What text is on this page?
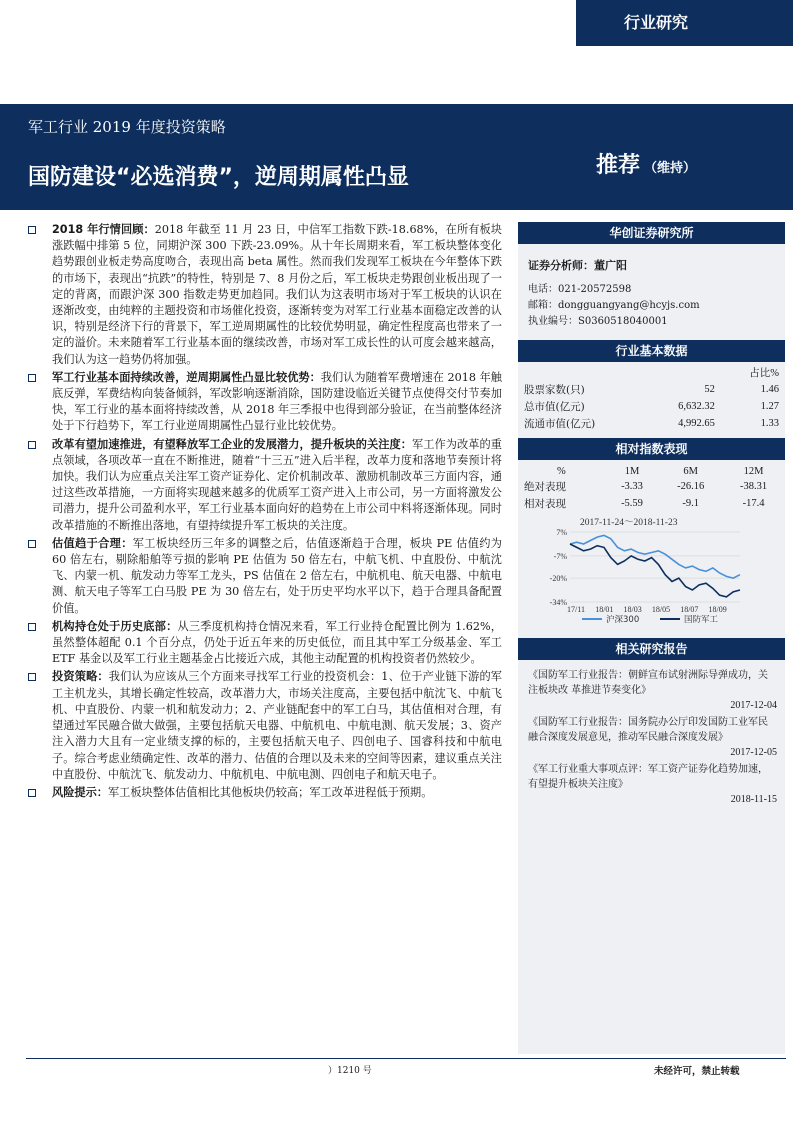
行业研究
军工行业 2019 年度投资策略
国防建设“必选消费”，逆周期属性凸显	推荐 （维持）
2018 年行情回顾：2018 年截至 11 月 23 日，中信军工指数下跌-18.68%，在所有板块涨跌幅中排第 5 位，同期沪深 300 下跌-23.09%。从十年长周期来看，军工板块整体变化趋势跟创业板走势高度吻合，表现出高 beta 属性。然而我们发现军工板块在今年整体下跌的市场下，表现出“抗跌”的特性，特别是 7、8 月份之后，军工板块走势跟创业板出现了一定的背离，而跟沪深 300 指数走势更加趋同。我们认为这表明市场对于军工板块的认识在逐渐改变，由纯粹的主题投资和市场催化投资，逐渐转变为对军工行业基本面稳定改善的认识，特别是经济下行的背景下，军工逆周期属性的比较优势明显，确定性程度高也带来了一定的溢价。未来随着军工行业基本面的继续改善，市场对军工成长性的认可度会越来越高，我们认为这一趋势仍将加强。
军工行业基本面持续改善，逆周期属性凸显比较优势：我们认为随着军费增速在 2018 年触底反弹，军费结构向装备倾斜，军改影响逐渐消除，国防建设临近关键节点使得交付节奏加快，军工行业的基本面将持续改善，从 2018 年三季报中也得到部分验证，在当前整体经济处于下行趋势下，军工行业逆周期属性凸显行业比较优势。
改革有望加速推进，有望释放军工企业的发展潜力，提升板块的关注度：军工作为改革的重点领域，各项改革一直在不断推进，随着“十三五”进入后半程，改革力度和落地节奏预计将加快。我们认为应重点关注军工资产证券化、定价机制改革、激励机制改革三方面内容，通过这些改革措施，一方面将实现越来越多的优质军工资产进入上市公司，另一方面将激发公司潜力，提升公司盈利水平，军工行业基本面向好的趋势在上市公司中料将逐渐体现。同时改革措施的不断推出落地，有望持续提升军工板块的关注度。
估值趋于合理：军工板块经历三年多的调整之后，估值逐渐趋于合理，板块 PE 估值约为 60 倍左右，剔除船舶等亏损的影响 PE 估值为 50 倍左右，中航飞机、中直股份、中航沈飞、内蒙一机、航发动力等军工龙头，PS 估值在 2 倍左右，中航机电、航天电器、中航电测、航天电子等军工白马股 PE 为 30 倍左右，处于历史平均水平以下，趋于合理具备配置价值。
机构持仓处于历史底部：从三季度机构持仓情况来看，军工行业持仓配置比例为 1.62%，虽然整体超配 0.1 个百分点，仍处于近五年来的历史低位，而且其中军工分级基金、军工 ETF 基金以及军工行业主题基金占比接近六成，其他主动配置的机构投资者仍然较少。
投资策略：我们认为应该从三个方面来寻找军工行业的投资机会：1、位于产业链下游的军工主机龙头，其增长确定性较高，改革潜力大，市场关注度高，主要包括中航沈飞、中航飞机、中直股份、内蒙一机和航发动力；2、产业链配套中的军工白马，其估值相对合理，有望通过军民融合做大做强，主要包括航天电器、中航机电、中航电测、航天发展；3、资产注入潜力大且有一定业绩支撑的标的，主要包括航天电子、四创电子、国睿科技和中航电子。综合考虑业绩确定性、改革的潜力、估值的合理以及未来的空间等因素，建议重点关注中直股份、中航沈飞、航发动力、中航机电、中航电测、四创电子和航天电子。
风险提示：军工板块整体估值相比其他板块仍较高；军工改革进程低于预期。
华创证券研究所
证券分析师：董广阳
电话：021-20572598
邮箱：dongguangyang@hcyjs.com
执业编号：S0360518040001
行业基本数据
		占比%
股票家数(只)	52	1.46
总市值(亿元)	6,632.32	1.27
流通市值(亿元)	4,992.65	1.33
相对指数表现
%	1M	6M	12M
绝对表现	-3.33	-26.16	-38.31
相对表现	-5.59	-9.1	-17.4
2017-11-24～2018-11-23
7%
-7%
-20%
-34%
17/11 18/01 18/03 18/05 18/07 18/09
沪深300	国防军工
相关研究报告
《国防军工行业报告：朝鲜宣布试射洲际导弹成功，关注板块改 革推进节奏变化》
2017-12-04
《国防军工行业报告：国务院办公厅印发国防工业军民融合深度发展意见，推动军民融合深度发展》
2017-12-05
《军工行业重大事项点评：军工资产证券化趋势加速，有望提升板块关注度》
2018-11-15
）1210 号	未经许可，禁止转载
